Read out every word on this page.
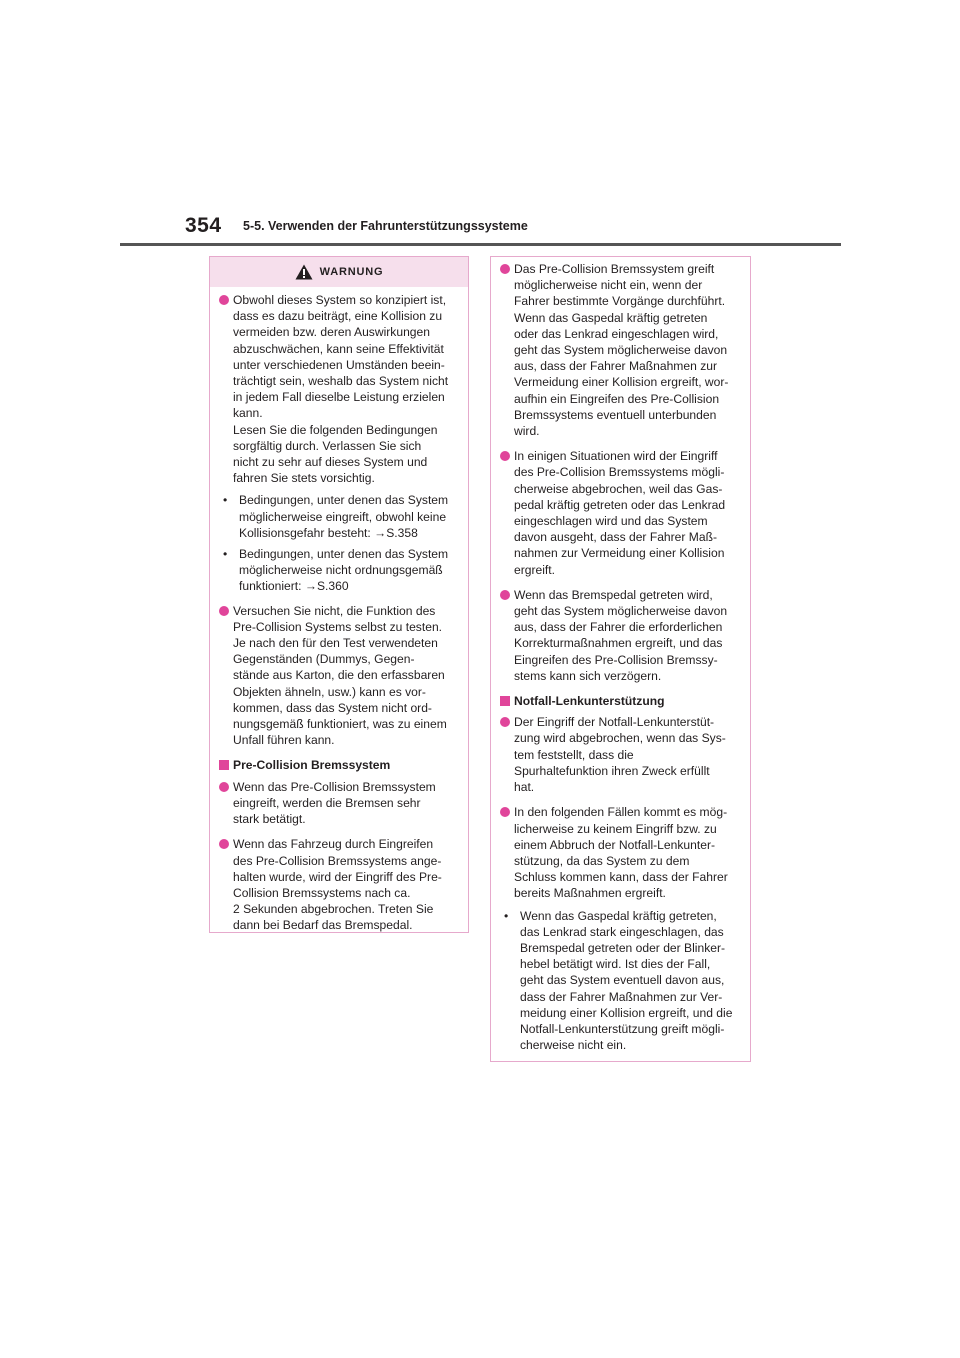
354 5-5. Verwenden der Fahrunterstützungssysteme
WARNUNG
Obwohl dieses System so konzipiert ist,
dass es dazu beiträgt, eine Kollision zu
vermeiden bzw. deren Auswirkungen
abzuschwächen, kann seine Effektivität
unter verschiedenen Umständen beein-
trächtigt sein, weshalb das System nicht
in jedem Fall dieselbe Leistung erzielen
kann.
Lesen Sie die folgenden Bedingungen
sorgfältig durch. Verlassen Sie sich
nicht zu sehr auf dieses System und
fahren Sie stets vorsichtig.
• Bedingungen, unter denen das System
möglicherweise eingreift, obwohl keine
Kollisionsgefahr besteht: →S.358
• Bedingungen, unter denen das System
möglicherweise nicht ordnungsgemäß
funktioniert: →S.360
Versuchen Sie nicht, die Funktion des
Pre-Collision Systems selbst zu testen.
Je nach den für den Test verwendeten
Gegenständen (Dummys, Gegen-
stände aus Karton, die den erfassbaren
Objekten ähneln, usw.) kann es vor-
kommen, dass das System nicht ord-
nungsgemäß funktioniert, was zu einem
Unfall führen kann.
Pre-Collision Bremssystem
Wenn das Pre-Collision Bremssystem
eingreift, werden die Bremsen sehr
stark betätigt.
Wenn das Fahrzeug durch Eingreifen
des Pre-Collision Bremssystems ange-
halten wurde, wird der Eingriff des Pre-
Collision Bremssystems nach ca.
2 Sekunden abgebrochen. Treten Sie
dann bei Bedarf das Bremspedal.
Das Pre-Collision Bremssystem greift
möglicherweise nicht ein, wenn der
Fahrer bestimmte Vorgänge durchführt.
Wenn das Gaspedal kräftig getreten
oder das Lenkrad eingeschlagen wird,
geht das System möglicherweise davon
aus, dass der Fahrer Maßnahmen zur
Vermeidung einer Kollision ergreift, wor-
aufhin ein Eingreifen des Pre-Collision
Bremssystems eventuell unterbunden
wird.
In einigen Situationen wird der Eingriff
des Pre-Collision Bremssystems mögli-
cherweise abgebrochen, weil das Gas-
pedal kräftig getreten oder das Lenkrad
eingeschlagen wird und das System
davon ausgeht, dass der Fahrer Maß-
nahmen zur Vermeidung einer Kollision
ergreift.
Wenn das Bremspedal getreten wird,
geht das System möglicherweise davon
aus, dass der Fahrer die erforderlichen
Korrekturmaßnahmen ergreift, und das
Eingreifen des Pre-Collision Bremssy-
stems kann sich verzögern.
Notfall-Lenkunterstützung
Der Eingriff der Notfall-Lenkunterstüt-
zung wird abgebrochen, wenn das Sys-
tem feststellt, dass die
Spurhaltefunktion ihren Zweck erfüllt
hat.
In den folgenden Fällen kommt es mög-
licherweise zu keinem Eingriff bzw. zu
einem Abbruch der Notfall-Lenkunter-
stützung, da das System zu dem
Schluss kommen kann, dass der Fahrer
bereits Maßnahmen ergreift.
• Wenn das Gaspedal kräftig getreten,
das Lenkrad stark eingeschlagen, das
Bremspedal getreten oder der Blinker-
hebel betätigt wird. Ist dies der Fall,
geht das System eventuell davon aus,
dass der Fahrer Maßnahmen zur Ver-
meidung einer Kollision ergreift, und die
Notfall-Lenkunterstützung greift mögli-
cherweise nicht ein.
